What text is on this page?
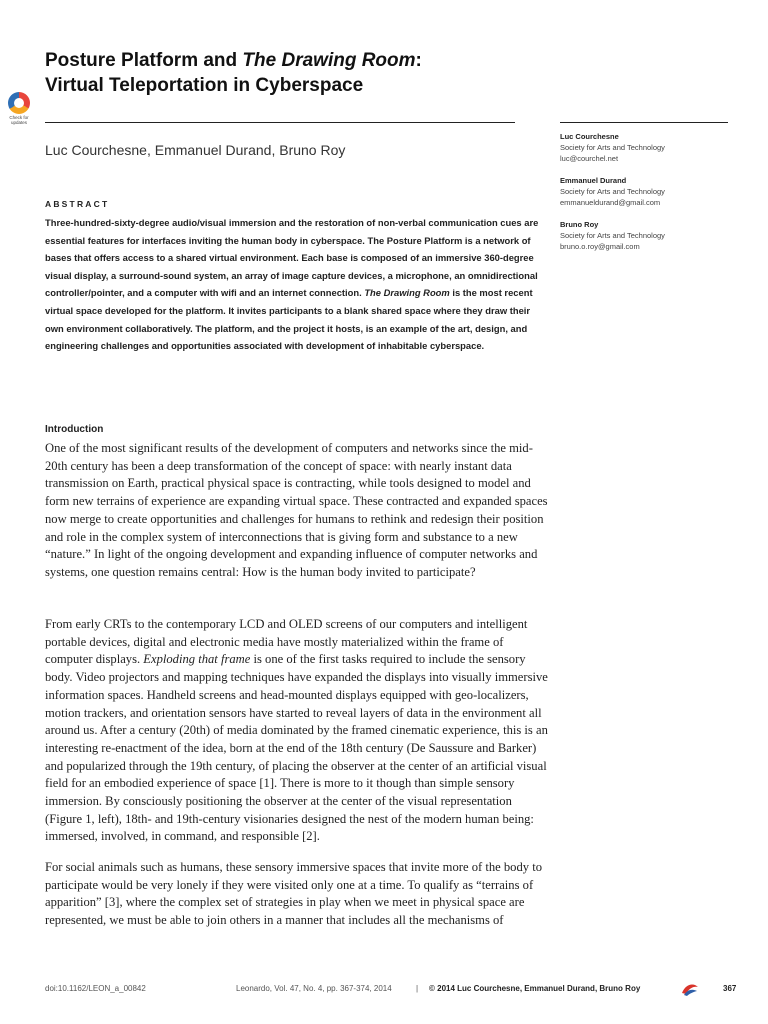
Posture Platform and The Drawing Room:
Virtual Teleportation in Cyberspace
Check for
updates
Luc Courchesne, Emmanuel Durand, Bruno Roy
Luc Courchesne
Society for Arts and Technology
luc@courchel.net
Emmanuel Durand
Society for Arts and Technology
emmanueldurand@gmail.com
Bruno Roy
Society for Arts and Technology
bruno.o.roy@gmail.com
ABSTRACT
Three-hundred-sixty-degree audio/visual immersion and the restoration of non-verbal communication cues are essential features for interfaces inviting the human body in cyberspace. The Posture Platform is a network of bases that offers access to a shared virtual environment. Each base is composed of an immersive 360-degree visual display, a surround-sound system, an array of image capture devices, a microphone, an omnidirectional controller/pointer, and a computer with wifi and an internet connection. The Drawing Room is the most recent virtual space developed for the platform. It invites participants to a blank shared space where they draw their own environment collaboratively. The platform, and the project it hosts, is an example of the art, design, and engineering challenges and opportunities associated with development of inhabitable cyberspace.
Introduction
One of the most significant results of the development of computers and networks since the mid-20th century has been a deep transformation of the concept of space: with nearly instant data transmission on Earth, practical physical space is contracting, while tools designed to model and form new terrains of experience are expanding virtual space. These contracted and expanded spaces now merge to create opportunities and challenges for humans to rethink and redesign their position and role in the complex system of interconnections that is giving form and substance to a new “nature.” In light of the ongoing development and expanding influence of computer networks and systems, one question remains central: How is the human body invited to participate?
From early CRTs to the contemporary LCD and OLED screens of our computers and intelligent portable devices, digital and electronic media have mostly materialized within the frame of computer displays. Exploding that frame is one of the first tasks required to include the sensory body. Video projectors and mapping techniques have expanded the displays into visually immersive information spaces. Handheld screens and head-mounted displays equipped with geo-localizers, motion trackers, and orientation sensors have started to reveal layers of data in the environment all around us. After a century (20th) of media dominated by the framed cinematic experience, this is an interesting re-enactment of the idea, born at the end of the 18th century (De Saussure and Barker) and popularized through the 19th century, of placing the observer at the center of an artificial visual field for an embodied experience of space [1]. There is more to it though than simple sensory immersion. By consciously positioning the observer at the center of the visual representation (Figure 1, left), 18th- and 19th-century visionaries designed the nest of the modern human being: immersed, involved, in command, and responsible [2].
For social animals such as humans, these sensory immersive spaces that invite more of the body to participate would be very lonely if they were visited only one at a time. To qualify as “terrains of apparition” [3], where the complex set of strategies in play when we meet in physical space are represented, we must be able to join others in a manner that includes all the mechanisms of
doi:10.1162/LEON_a_00842	Leonardo, Vol. 47, No. 4, pp. 367-374, 2014	| © 2014 Luc Courchesne, Emmanuel Durand, Bruno Roy	367
